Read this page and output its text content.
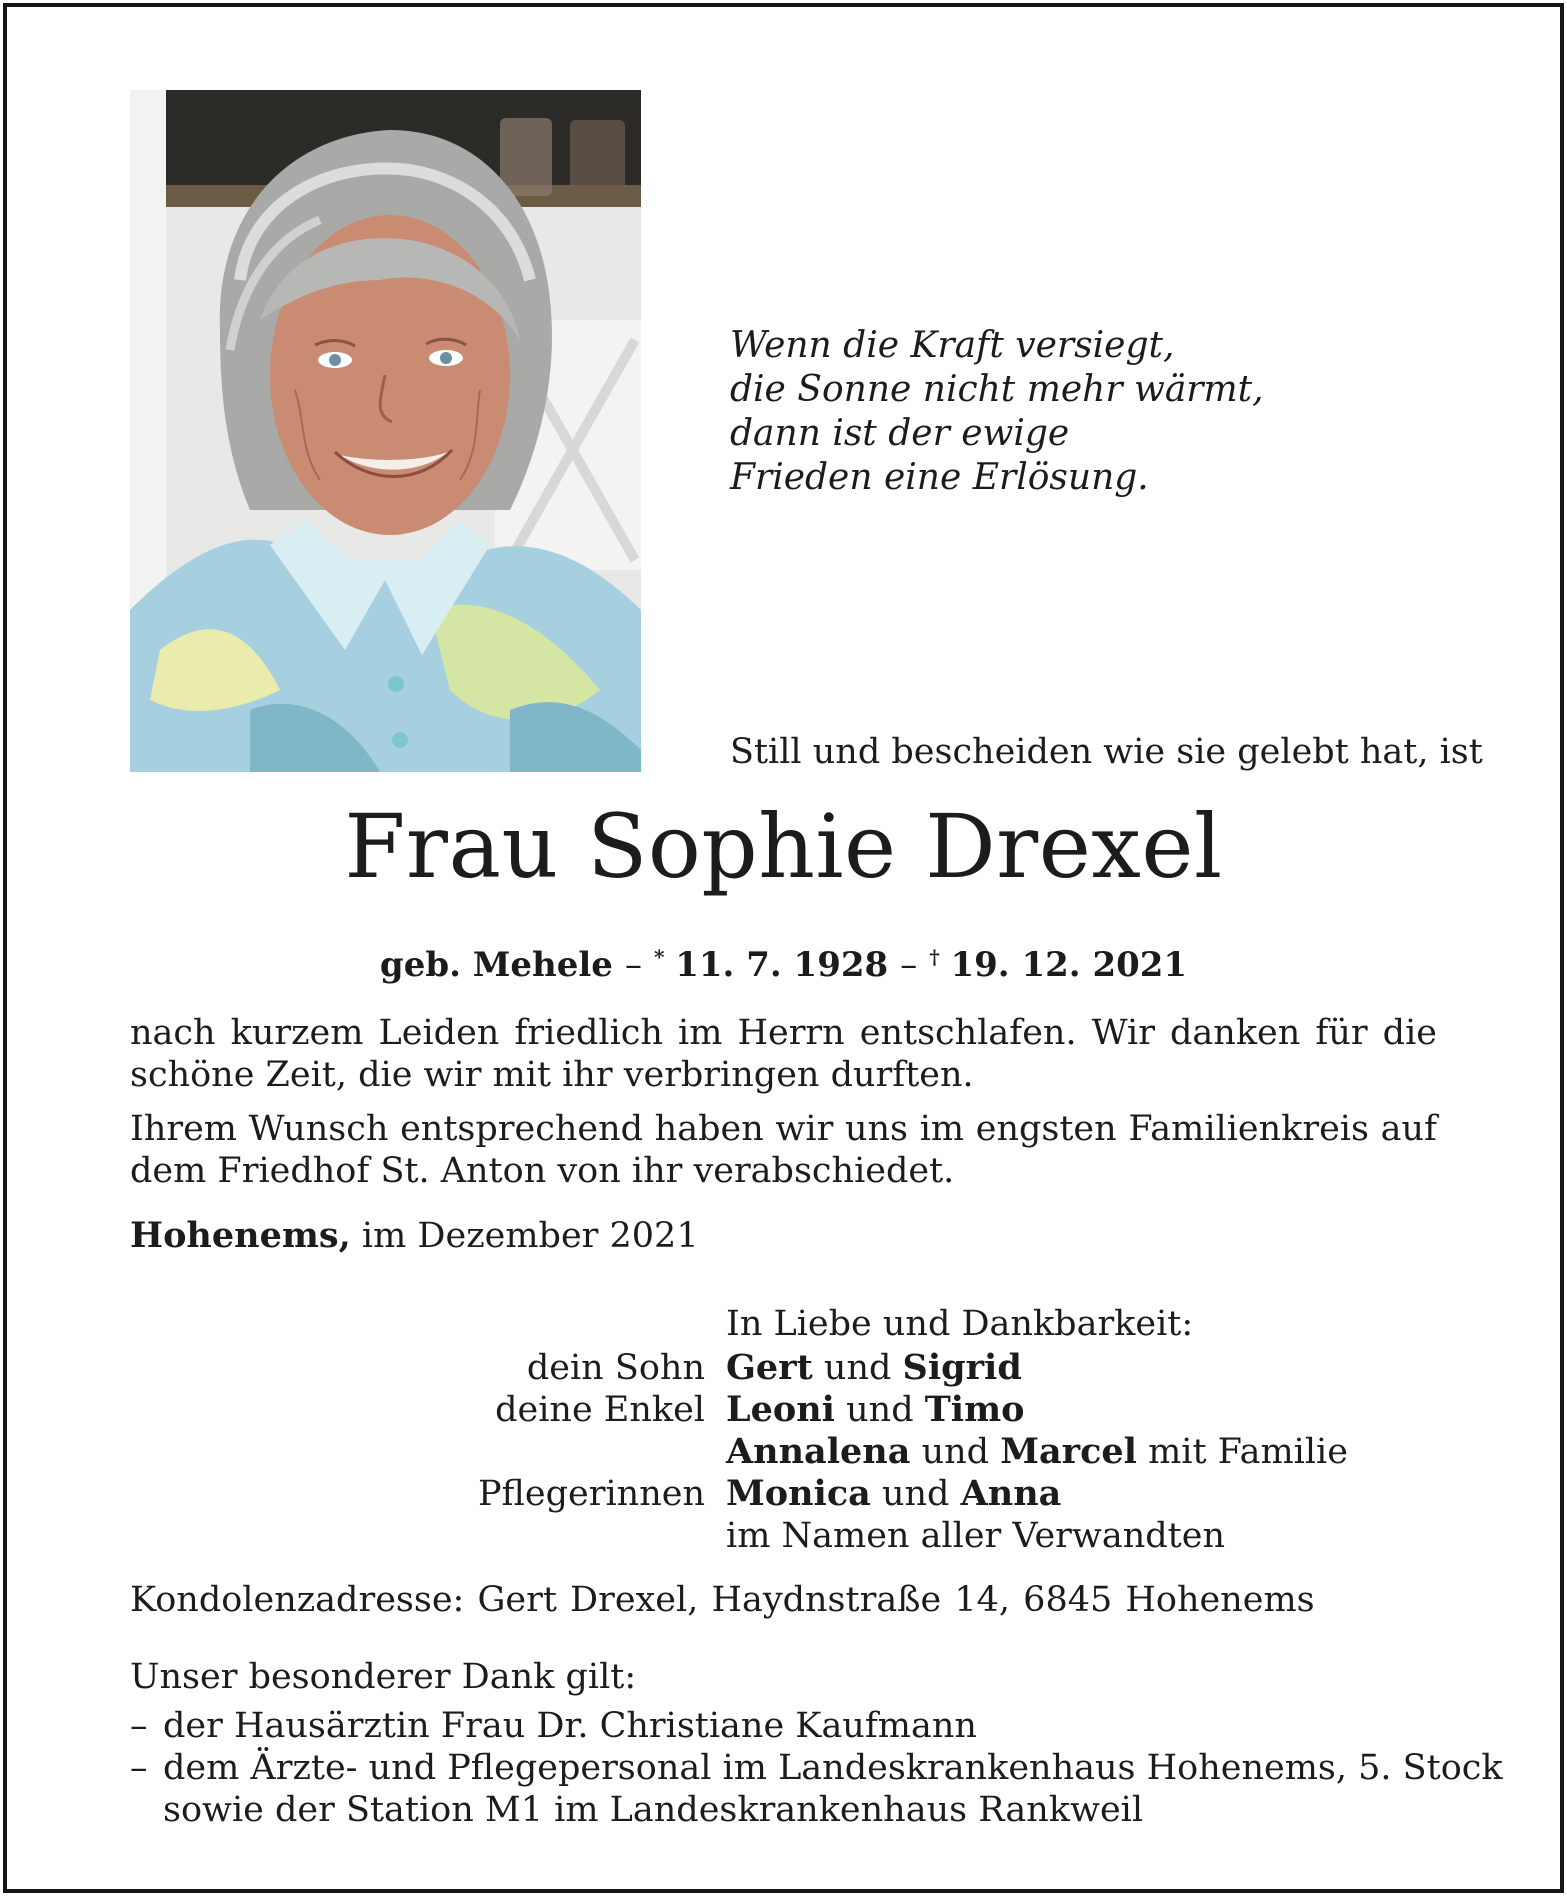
Wenn die Kraft versiegt,
die Sonne nicht mehr wärmt,
dann ist der ewige
Frieden eine Erlösung.
Still und bescheiden wie sie gelebt hat, ist
Frau Sophie Drexel
geb. Mehele – * 11. 7. 1928 – † 19. 12. 2021
nach kurzem Leiden friedlich im Herrn entschlafen. Wir danken für die
schöne Zeit, die wir mit ihr verbringen durften.
Ihrem Wunsch entsprechend haben wir uns im engsten Familienkreis auf
dem Friedhof St. Anton von ihr verabschiedet.
Hohenems, im Dezember 2021
In Liebe und Dankbarkeit:
dein Sohn Gert und Sigrid
deine Enkel Leoni und Timo
Annalena und Marcel mit Familie
Pflegerinnen Monica und Anna
im Namen aller Verwandten
Kondolenzadresse: Gert Drexel, Haydnstraße 14, 6845 Hohenems
Unser besonderer Dank gilt:
– der Hausärztin Frau Dr. Christiane Kaufmann
– dem Ärzte- und Pflegepersonal im Landeskrankenhaus Hohenems, 5. Stock
sowie der Station M1 im Landeskrankenhaus Rankweil
